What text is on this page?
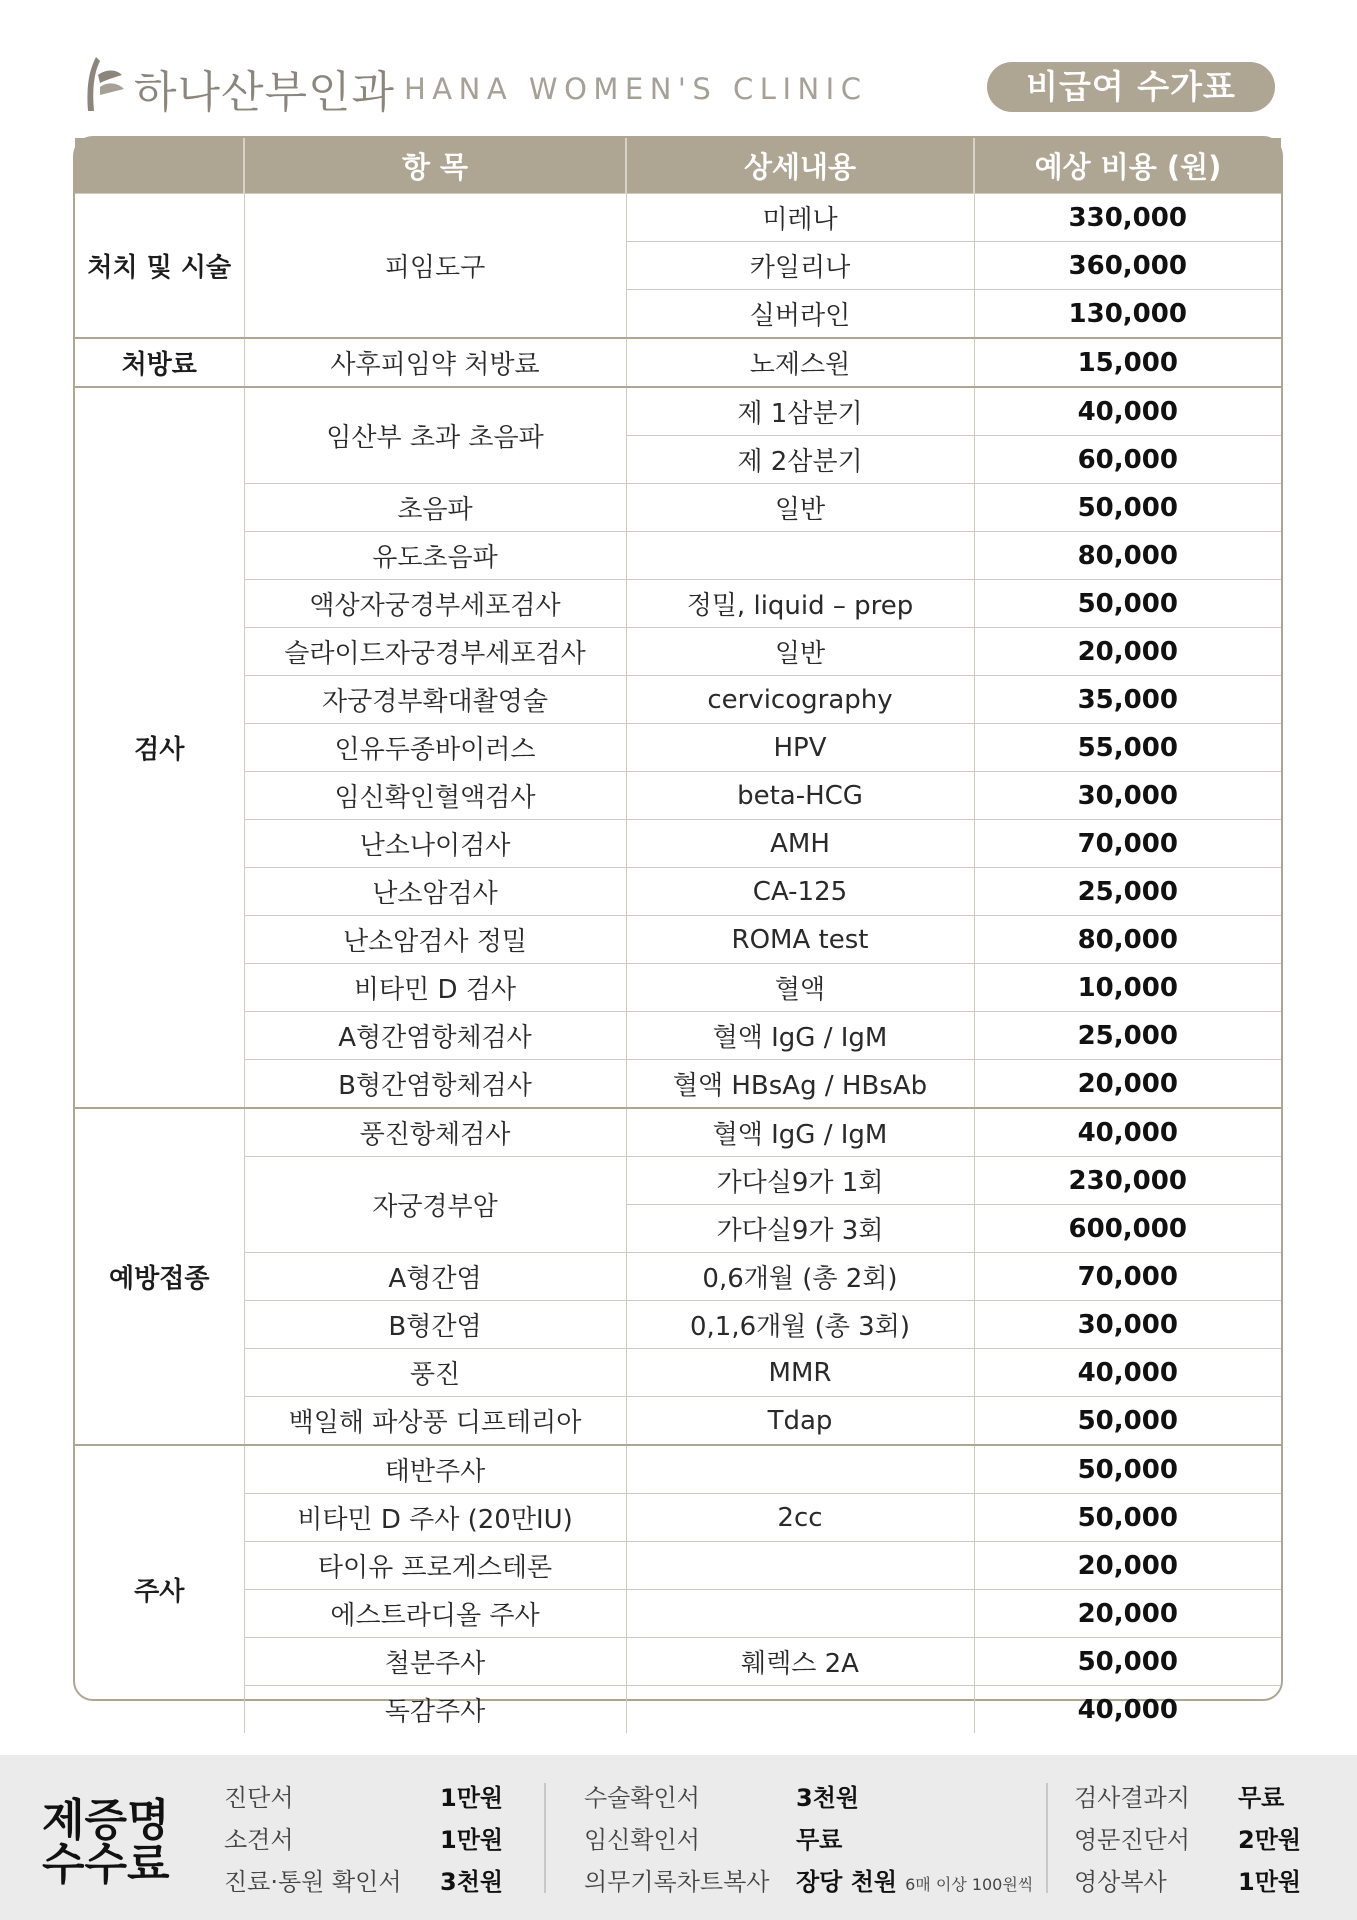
하나산부인과 HANA WOMEN'S CLINIC	비급여 수가표
	항 목	상세내용	예상 비용 (원)
처치 및 시술	피임도구	미레나	330,000
		카일리나	360,000
		실버라인	130,000
처방료	사후피임약 처방료	노제스원	15,000
검사	임산부 초과 초음파	제 1삼분기	40,000
		제 2삼분기	60,000
	초음파	일반	50,000
	유도초음파		80,000
	액상자궁경부세포검사	정밀, liquid – prep	50,000
	슬라이드자궁경부세포검사	일반	20,000
	자궁경부확대촬영술	cervicography	35,000
	인유두종바이러스	HPV	55,000
	임신확인혈액검사	beta-HCG	30,000
	난소나이검사	AMH	70,000
	난소암검사	CA-125	25,000
	난소암검사 정밀	ROMA test	80,000
	비타민 D 검사	혈액	10,000
	A형간염항체검사	혈액 IgG / IgM	25,000
	B형간염항체검사	혈액 HBsAg / HBsAb	20,000
예방접종	풍진항체검사	혈액 IgG / IgM	40,000
	자궁경부암	가다실9가 1회	230,000
		가다실9가 3회	600,000
	A형간염	0,6개월 (총 2회)	70,000
	B형간염	0,1,6개월 (총 3회)	30,000
	풍진	MMR	40,000
	백일해 파상풍 디프테리아	Tdap	50,000
주사	태반주사		50,000
	비타민 D 주사 (20만IU)	2cc	50,000
	타이유 프로게스테론		20,000
	에스트라디올 주사		20,000
	철분주사	훼렉스 2A	50,000
	독감주사		40,000
제증명
수수료
진단서	1만원
소견서	1만원
진료·통원 확인서 3천원
수술확인서	3천원
임신확인서	무료
의무기록차트복사 장당 천원 6매 이상 100원씩
검사결과지 무료
영문진단서 2만원
영상복사	1만원
